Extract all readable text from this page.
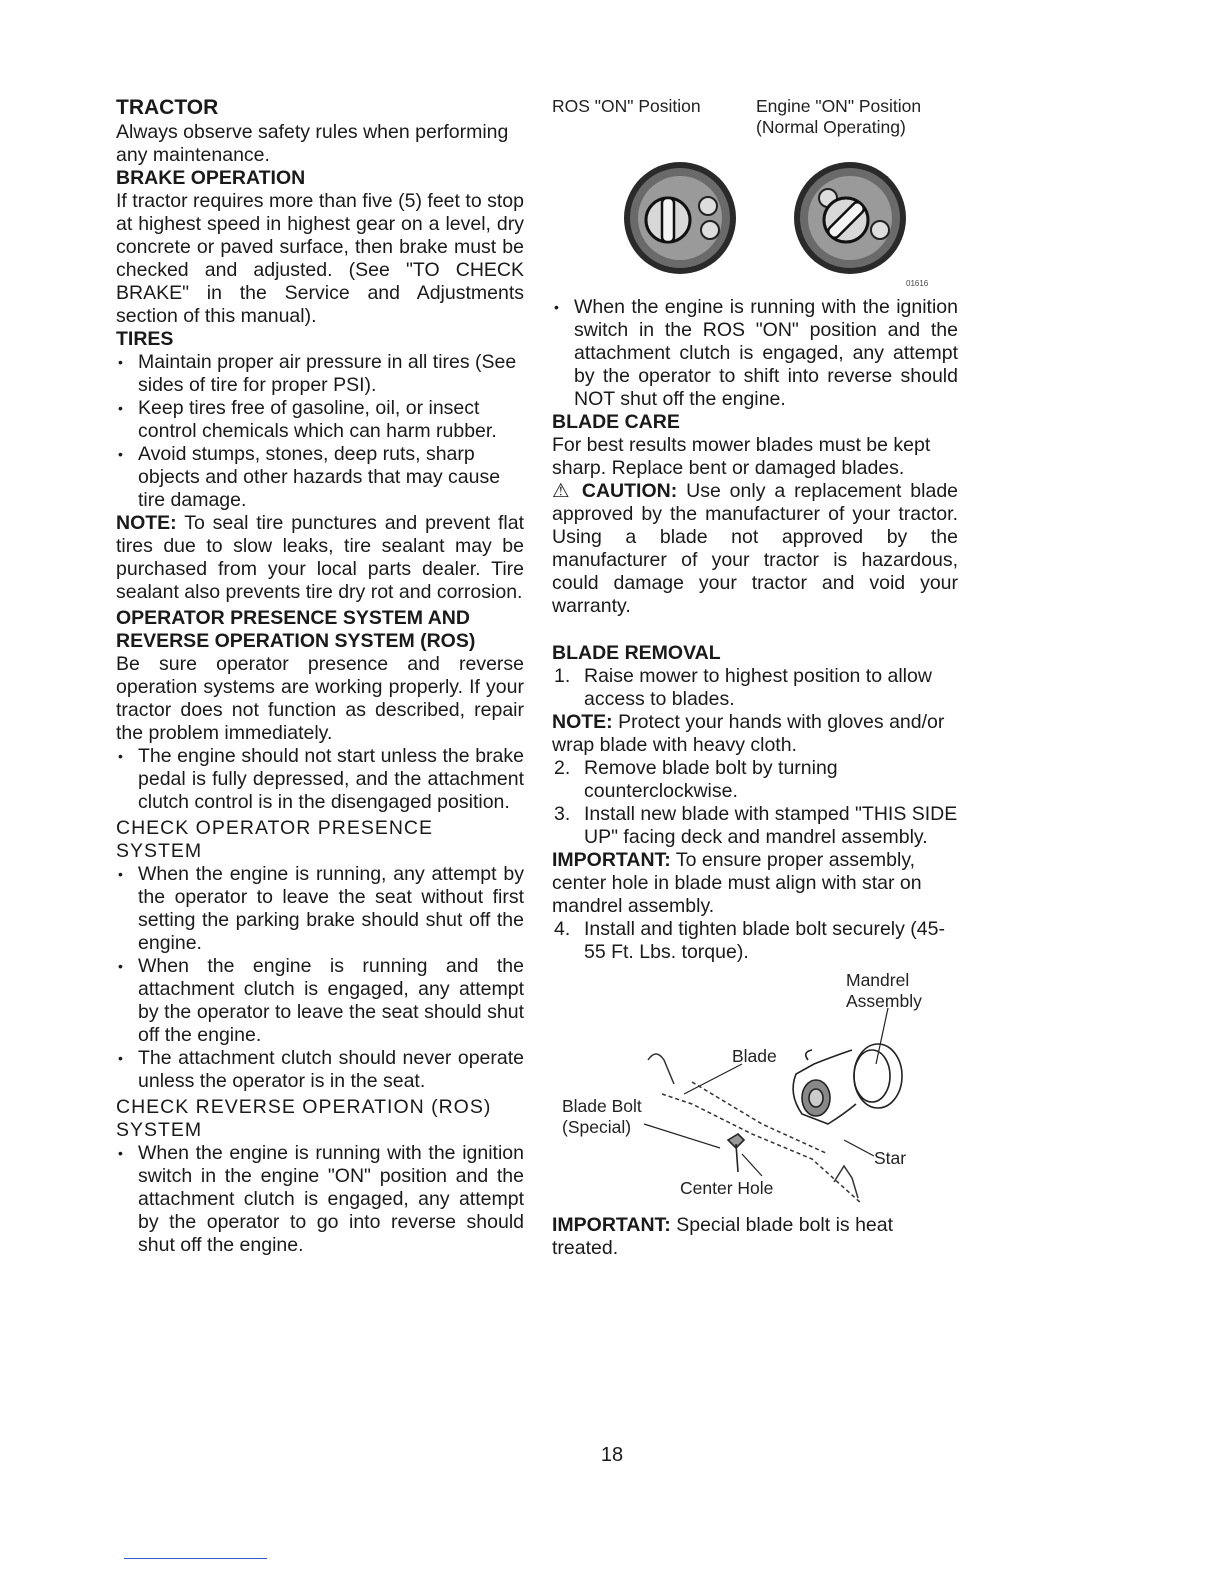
TRACTOR

Always observe safety rules when performing any maintenance.

BRAKE OPERATION

If tractor requires more than five (5) feet to stop at highest speed in highest gear on a level, dry concrete or paved surface, then brake must be checked and adjusted. (See "TO CHECK BRAKE" in the Service and Adjustments section of this manual).

TIRES

• Maintain proper air pressure in all tires (See sides of tire for proper PSI).
• Keep tires free of gasoline, oil, or insect control chemicals which can harm rubber.
• Avoid stumps, stones, deep ruts, sharp objects and other hazards that may cause tire damage.

NOTE: To seal tire punctures and prevent flat tires due to slow leaks, tire sealant may be purchased from your local parts dealer. Tire sealant also prevents tire dry rot and corrosion.

OPERATOR PRESENCE SYSTEM AND REVERSE OPERATION SYSTEM (ROS)

Be sure operator presence and reverse operation systems are working properly. If your tractor does not function as described, repair the problem immediately.

• The engine should not start unless the brake pedal is fully depressed, and the attachment clutch control is in the disengaged position.

CHECK OPERATOR PRESENCE SYSTEM

• When the engine is running, any attempt by the operator to leave the seat without first setting the parking brake should shut off the engine.
• When the engine is running and the attachment clutch is engaged, any attempt by the operator to leave the seat should shut off the engine.
• The attachment clutch should never operate unless the operator is in the seat.

CHECK REVERSE OPERATION (ROS) SYSTEM

• When the engine is running with the ignition switch in the engine "ON" position and the attachment clutch is engaged, any attempt by the operator to go into reverse should shut off the engine.
ROS "ON" Position	Engine "ON" Position (Normal Operating)
01616
• When the engine is running with the ignition switch in the ROS "ON" position and the attachment clutch is engaged, any attempt by the operator to shift into reverse should NOT shut off the engine.

BLADE CARE

For best results mower blades must be kept sharp. Replace bent or damaged blades.

⚠ CAUTION: Use only a replacement blade approved by the manufacturer of your tractor. Using a blade not approved by the manufacturer of your tractor is hazardous, could damage your tractor and void your warranty.

BLADE REMOVAL

1. Raise mower to highest position to allow access to blades.

NOTE: Protect your hands with gloves and/or wrap blade with heavy cloth.

2. Remove blade bolt by turning counterclockwise.
3. Install new blade with stamped "THIS SIDE UP" facing deck and mandrel assembly.

IMPORTANT: To ensure proper assembly, center hole in blade must align with star on mandrel assembly.

4. Install and tighten blade bolt securely (45-55 Ft. Lbs. torque).
Mandrel Assembly
Blade
Blade Bolt (Special)
Star
Center Hole

IMPORTANT: Special blade bolt is heat treated.

18
